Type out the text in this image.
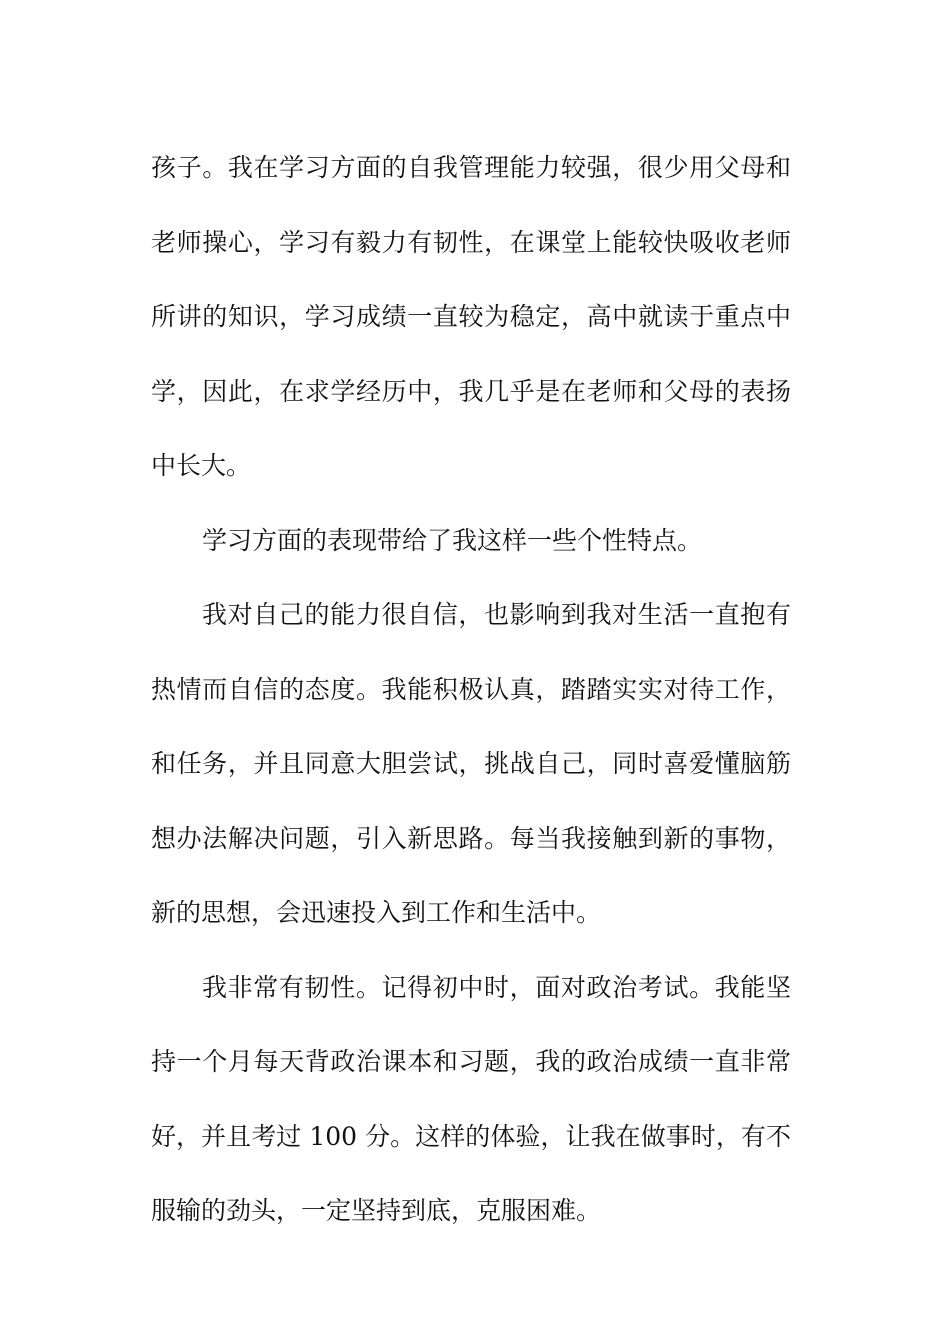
孩子。我在学习方面的自我管理能力较强，很少用父母和
老师操心，学习有毅力有韧性，在课堂上能较快吸收老师
所讲的知识，学习成绩一直较为稳定，高中就读于重点中
学，因此，在求学经历中，我几乎是在老师和父母的表扬
中长大。
学习方面的表现带给了我这样一些个性特点。
我对自己的能力很自信，也影响到我对生活一直抱有
热情而自信的态度。我能积极认真，踏踏实实对待工作，
和任务，并且同意大胆尝试，挑战自己，同时喜爱懂脑筋
想办法解决问题，引入新思路。每当我接触到新的事物，
新的思想，会迅速投入到工作和生活中。
我非常有韧性。记得初中时，面对政治考试。我能坚
持一个月每天背政治课本和习题，我的政治成绩一直非常
好，并且考过 100 分。这样的体验，让我在做事时，有不
服输的劲头，一定坚持到底，克服困难。
